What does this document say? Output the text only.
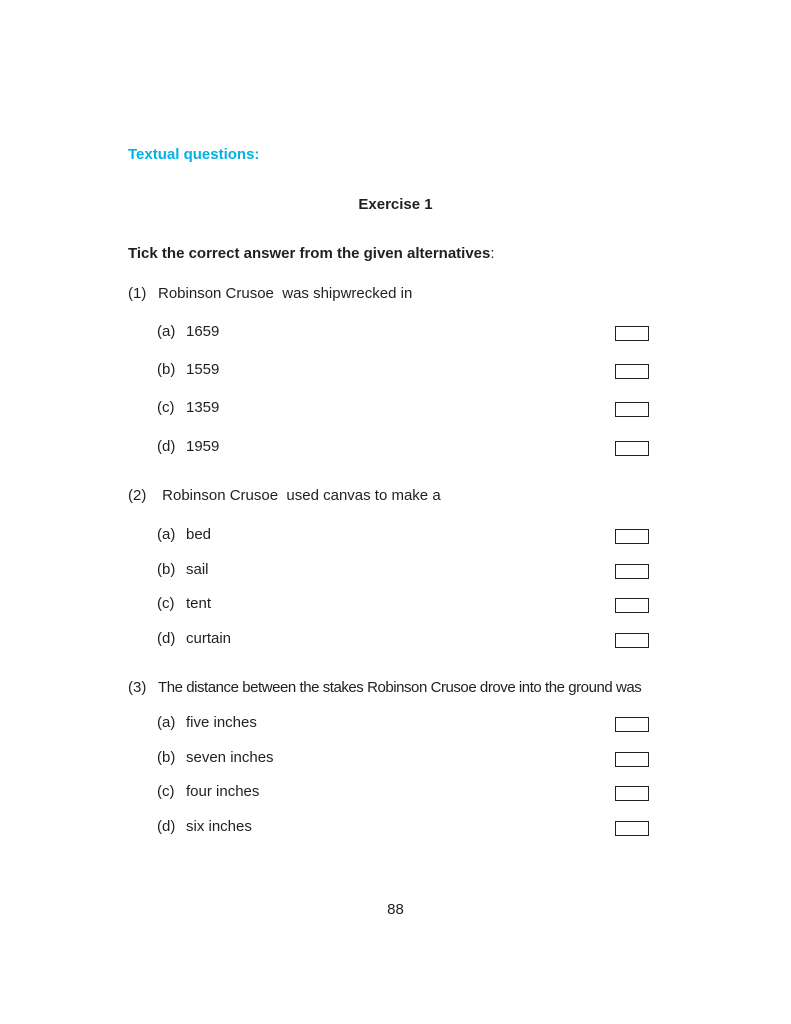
Textual questions:
Exercise 1
Tick the correct answer from the given alternatives:
(1) Robinson Crusoe  was shipwrecked in
(a) 1659
(b) 1559
(c) 1359
(d) 1959
(2) Robinson Crusoe  used canvas to make a
(a) bed
(b) sail
(c) tent
(d) curtain
(3) The distance between the stakes Robinson Crusoe drove into the ground was
(a) five inches
(b) seven inches
(c) four inches
(d) six inches
88
